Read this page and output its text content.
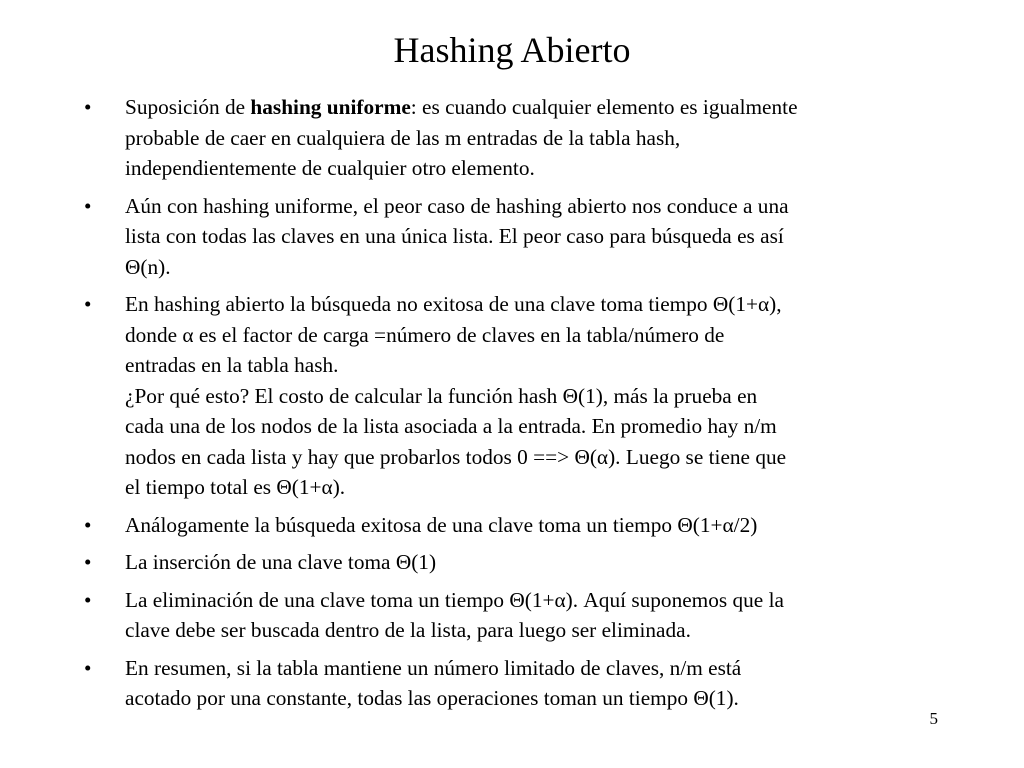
Hashing Abierto
• Suposición de hashing uniforme: es cuando cualquier elemento es igualmente
probable de caer en cualquiera de las m entradas de la tabla hash,
independientemente de cualquier otro elemento.
• Aún con hashing uniforme, el peor caso de hashing abierto nos conduce a una
lista con todas las claves en una única lista. El peor caso para búsqueda es así
Θ(n).
• En hashing abierto la búsqueda no exitosa de una clave toma tiempo Θ(1+α),
donde α es el factor de carga =número de claves en la tabla/número de
entradas en la tabla hash.
¿Por qué esto? El costo de calcular la función hash Θ(1), más la prueba en
cada una de los nodos de la lista asociada a la entrada. En promedio hay n/m
nodos en cada lista y hay que probarlos todos 0 ==> Θ(α). Luego se tiene que
el tiempo total es Θ(1+α).
• Análogamente la búsqueda exitosa de una clave toma un tiempo Θ(1+α/2)
• La inserción de una clave toma Θ(1)
• La eliminación de una clave toma un tiempo Θ(1+α). Aquí suponemos que la
clave debe ser buscada dentro de la lista, para luego ser eliminada.
• En resumen, si la tabla mantiene un número limitado de claves, n/m está
acotado por una constante, todas las operaciones toman un tiempo Θ(1).
5
